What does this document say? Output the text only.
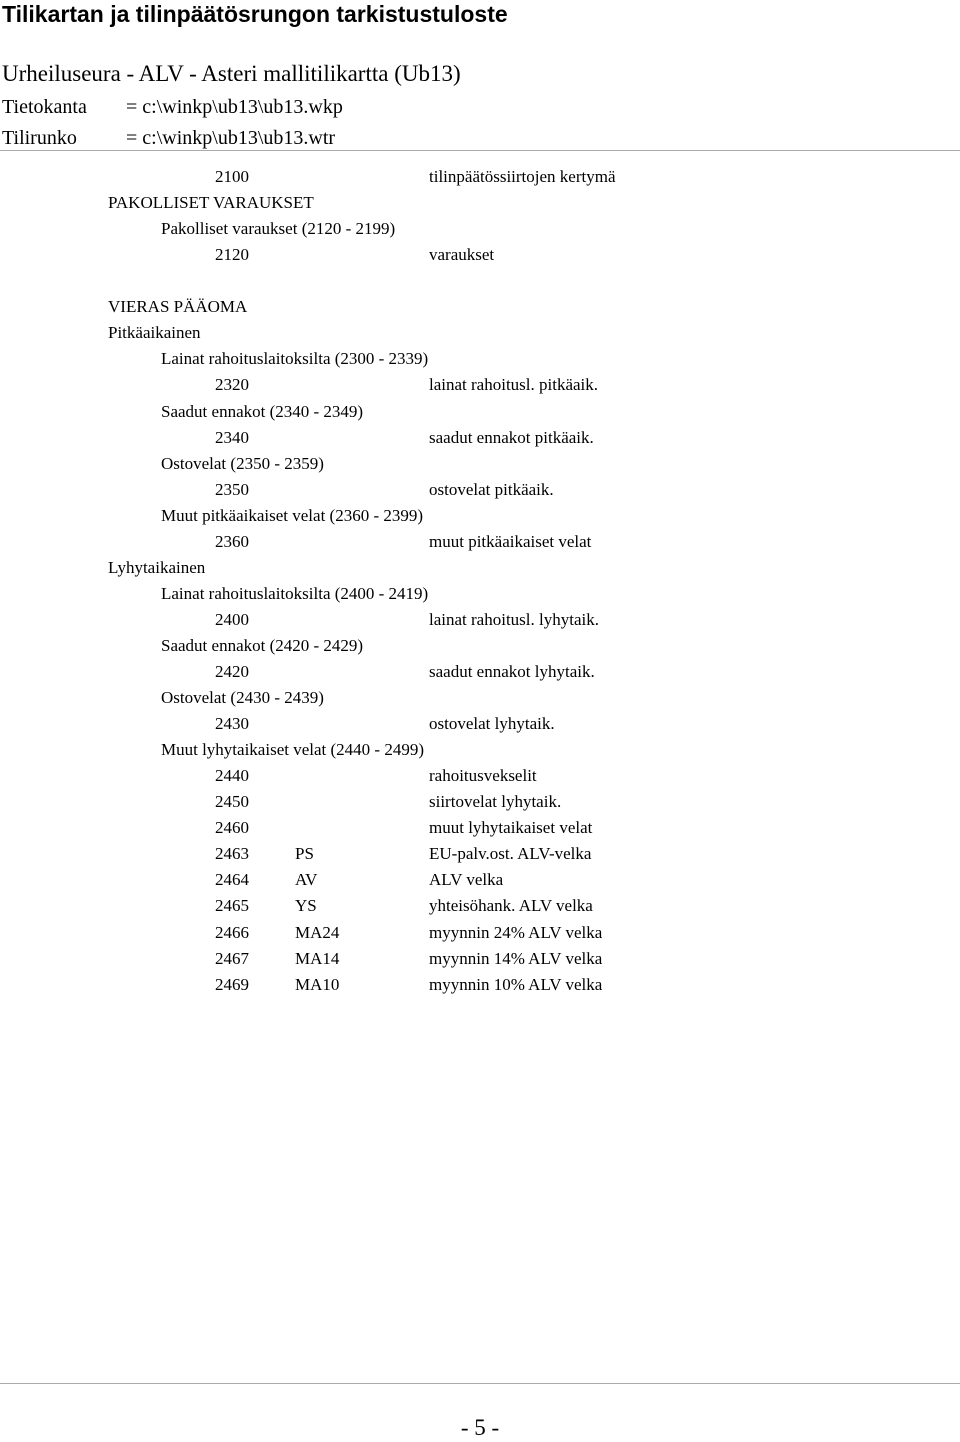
Tilikartan ja tilinpäätösrungon tarkistustuloste
Urheiluseura - ALV - Asteri mallitilikartta (Ub13)
Tietokanta = c:\winkp\ub13\ub13.wkp
Tilirunko = c:\winkp\ub13\ub13.wtr
2100	tilinpäätössiirtojen kertymä
PAKOLLISET VARAUKSET
Pakolliset varaukset (2120 - 2199)
2120	varaukset
VIERAS PÄÄOMA
Pitkäaikainen
Lainat rahoituslaitoksilta (2300 - 2339)
2320	lainat rahoitusl. pitkäaik.
Saadut ennakot (2340 - 2349)
2340	saadut ennakot pitkäaik.
Ostovelat (2350 - 2359)
2350	ostovelat pitkäaik.
Muut pitkäaikaiset velat (2360 - 2399)
2360	muut pitkäaikaiset velat
Lyhytaikainen
Lainat rahoituslaitoksilta (2400 - 2419)
2400	lainat rahoitusl. lyhytaik.
Saadut ennakot (2420 - 2429)
2420	saadut ennakot lyhytaik.
Ostovelat (2430 - 2439)
2430	ostovelat lyhytaik.
Muut lyhytaikaiset velat (2440 - 2499)
2440	rahoitusvekselit
2450	siirtovelat lyhytaik.
2460	muut lyhytaikaiset velat
2463	PS	EU-palv.ost. ALV-velka
2464	AV	ALV velka
2465	YS	yhteisöhank. ALV velka
2466	MA24	myynnin 24% ALV velka
2467	MA14	myynnin 14% ALV velka
2469	MA10	myynnin 10% ALV velka
- 5 -
